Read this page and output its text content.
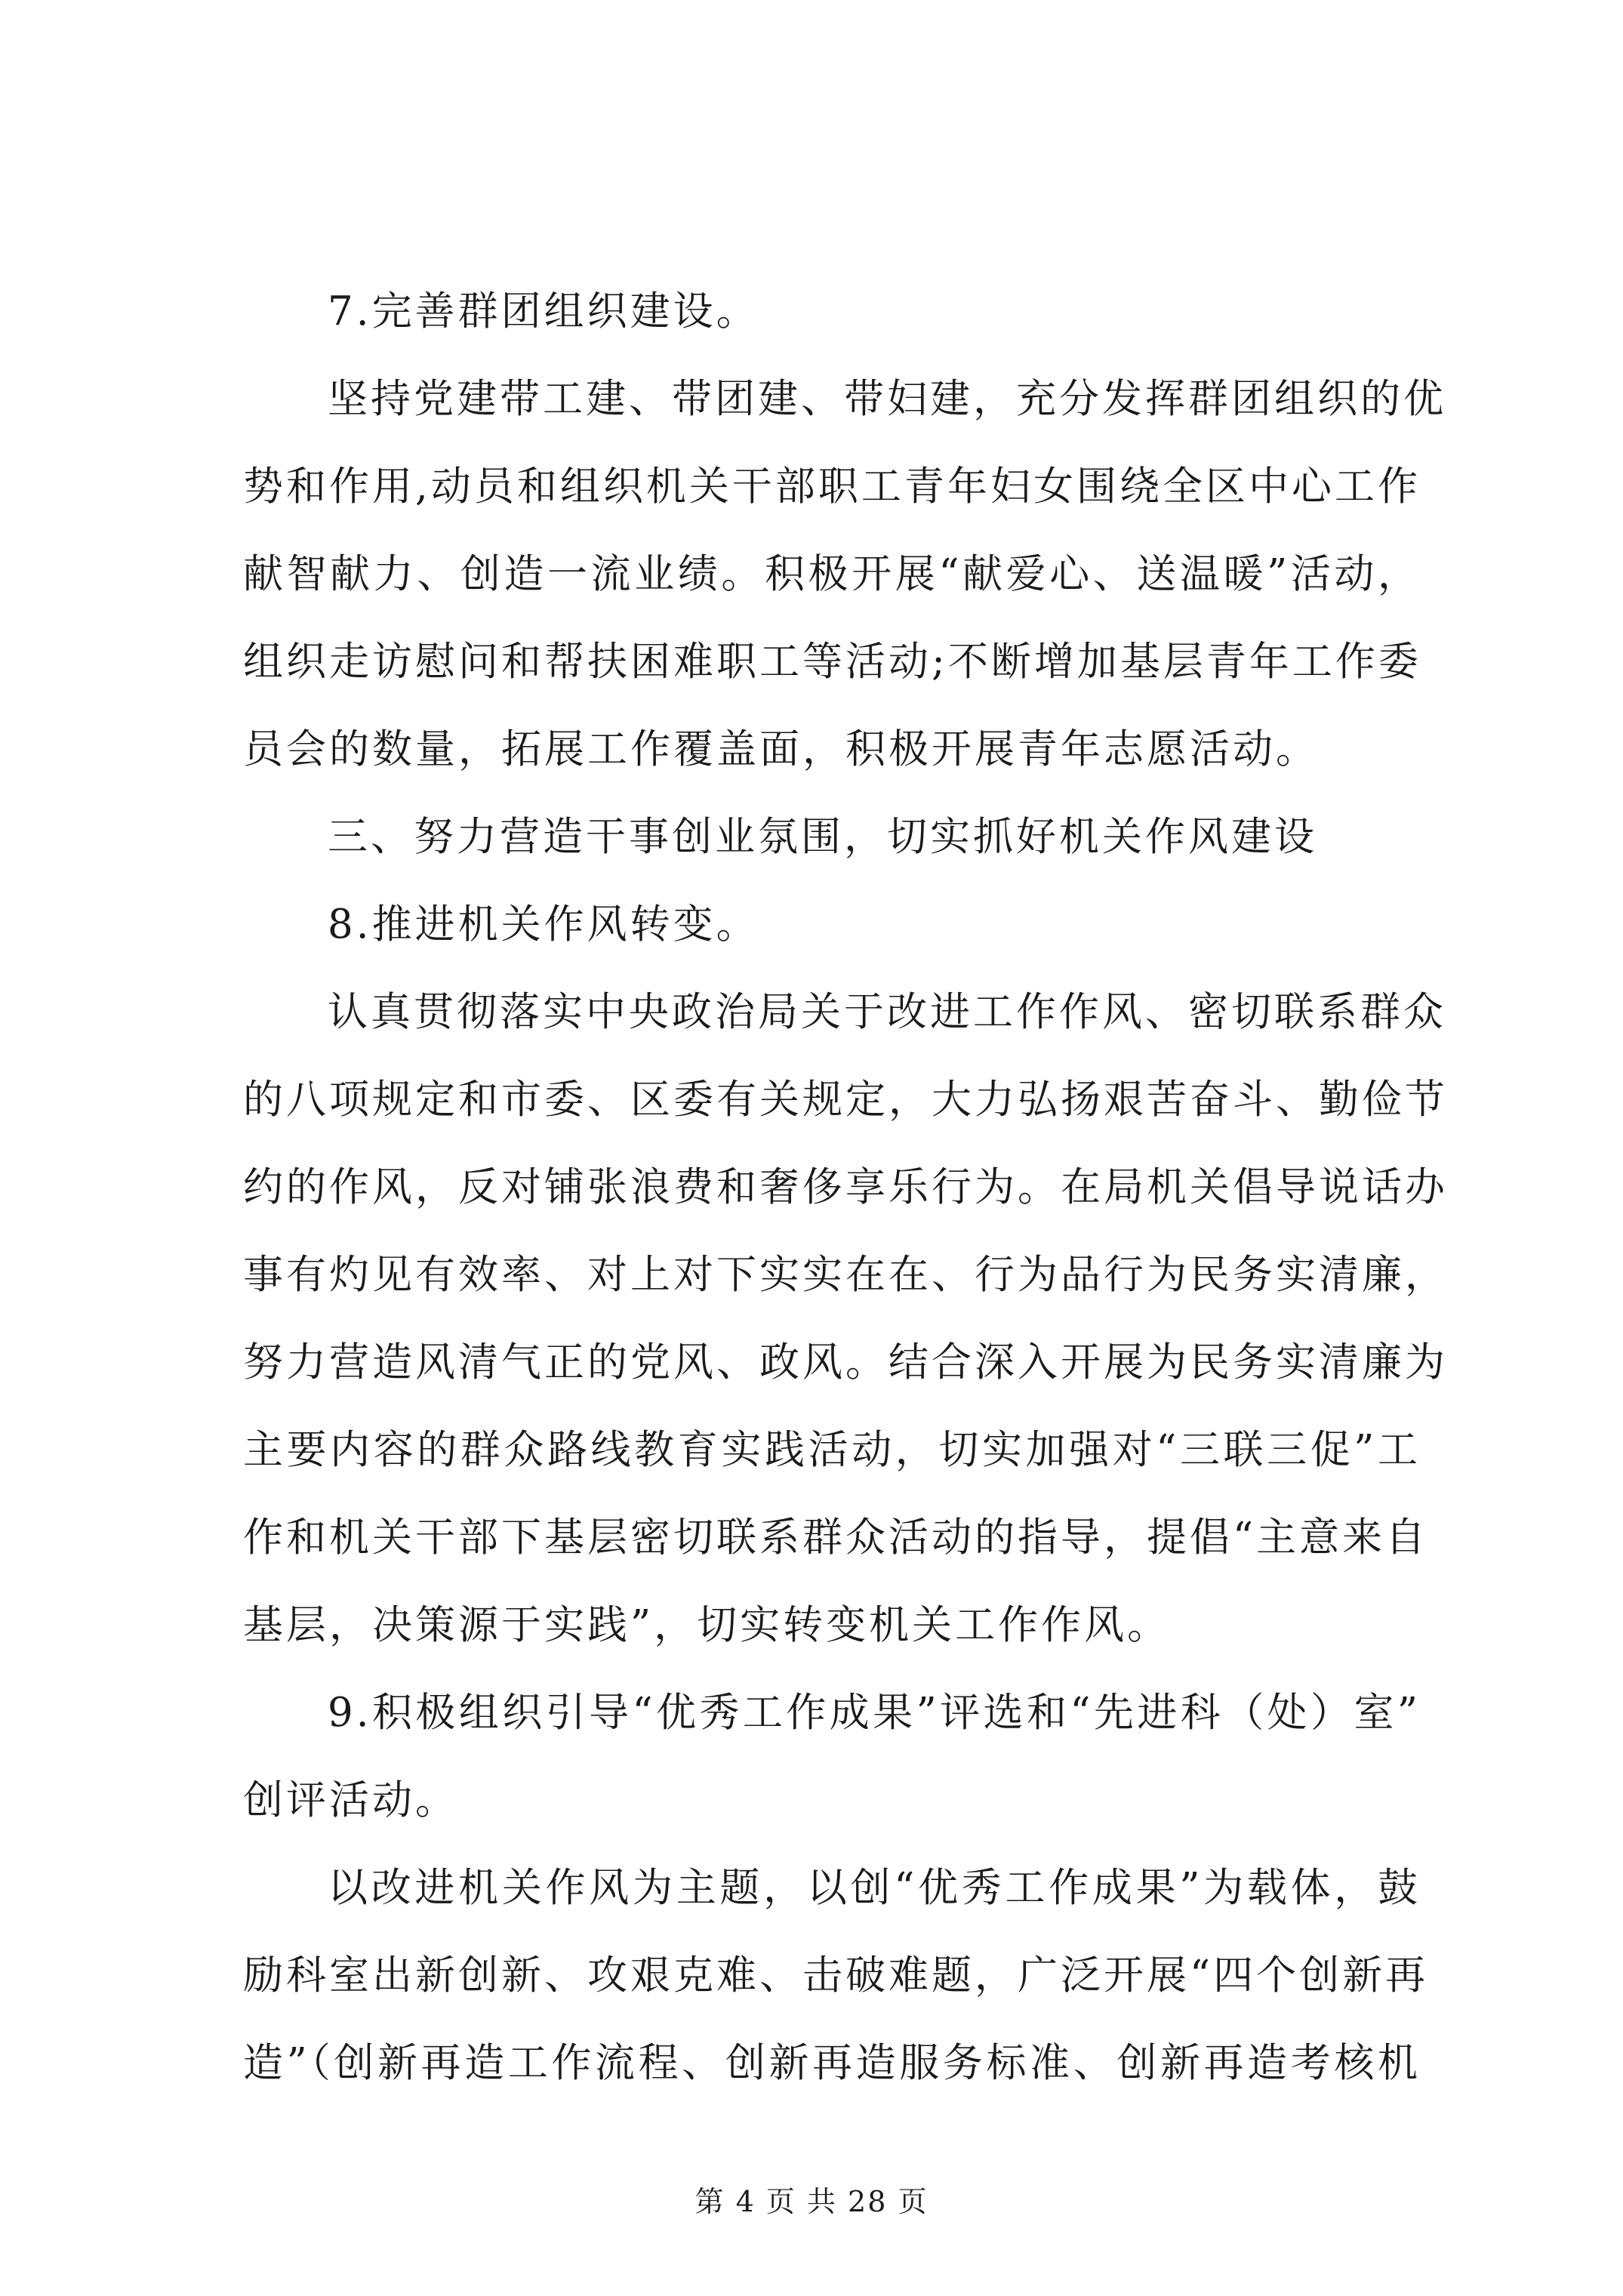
7.完善群团组织建设。
坚持党建带工建、带团建、带妇建，充分发挥群团组织的优
势和作用,动员和组织机关干部职工青年妇女围绕全区中心工作
献智献力、创造一流业绩。积极开展“献爱心、送温暖”活动，
组织走访慰问和帮扶困难职工等活动;不断增加基层青年工作委
员会的数量，拓展工作覆盖面，积极开展青年志愿活动。
三、努力营造干事创业氛围，切实抓好机关作风建设
8.推进机关作风转变。
认真贯彻落实中央政治局关于改进工作作风、密切联系群众
的八项规定和市委、区委有关规定，大力弘扬艰苦奋斗、勤俭节
约的作风，反对铺张浪费和奢侈享乐行为。在局机关倡导说话办
事有灼见有效率、对上对下实实在在、行为品行为民务实清廉，
努力营造风清气正的党风、政风。结合深入开展为民务实清廉为
主要内容的群众路线教育实践活动，切实加强对“三联三促”工
作和机关干部下基层密切联系群众活动的指导，提倡“主意来自
基层，决策源于实践”，切实转变机关工作作风。
9.积极组织引导“优秀工作成果”评选和“先进科（处）室”
创评活动。
以改进机关作风为主题，以创“优秀工作成果”为载体，鼓
励科室出新创新、攻艰克难、击破难题，广泛开展“四个创新再
造”（创新再造工作流程、创新再造服务标准、创新再造考核机
第 4 页 共 28 页
